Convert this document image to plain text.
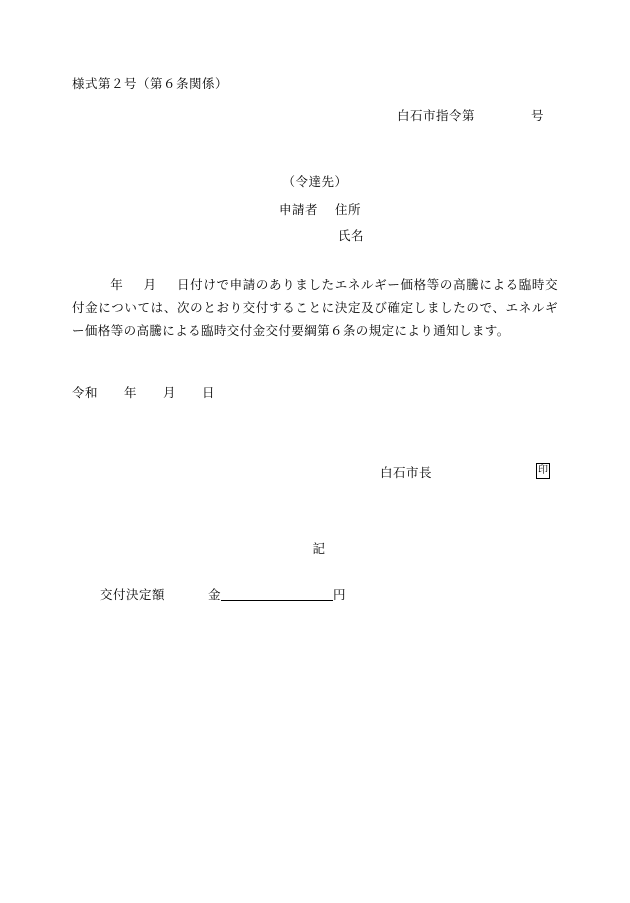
様式第２号（第６条関係）

白石市指令第	号

（令達先）

申請者 住所

氏名

年 月 日付けで申請のありましたエネルギー価格等の高騰による臨時交付金については、次のとおり交付することに決定及び確定しましたので、エネルギー価格等の高騰による臨時交付金交付要綱第６条の規定により通知します。

令和 年 月 日

白石市長	印

記

交付決定額	金	円
